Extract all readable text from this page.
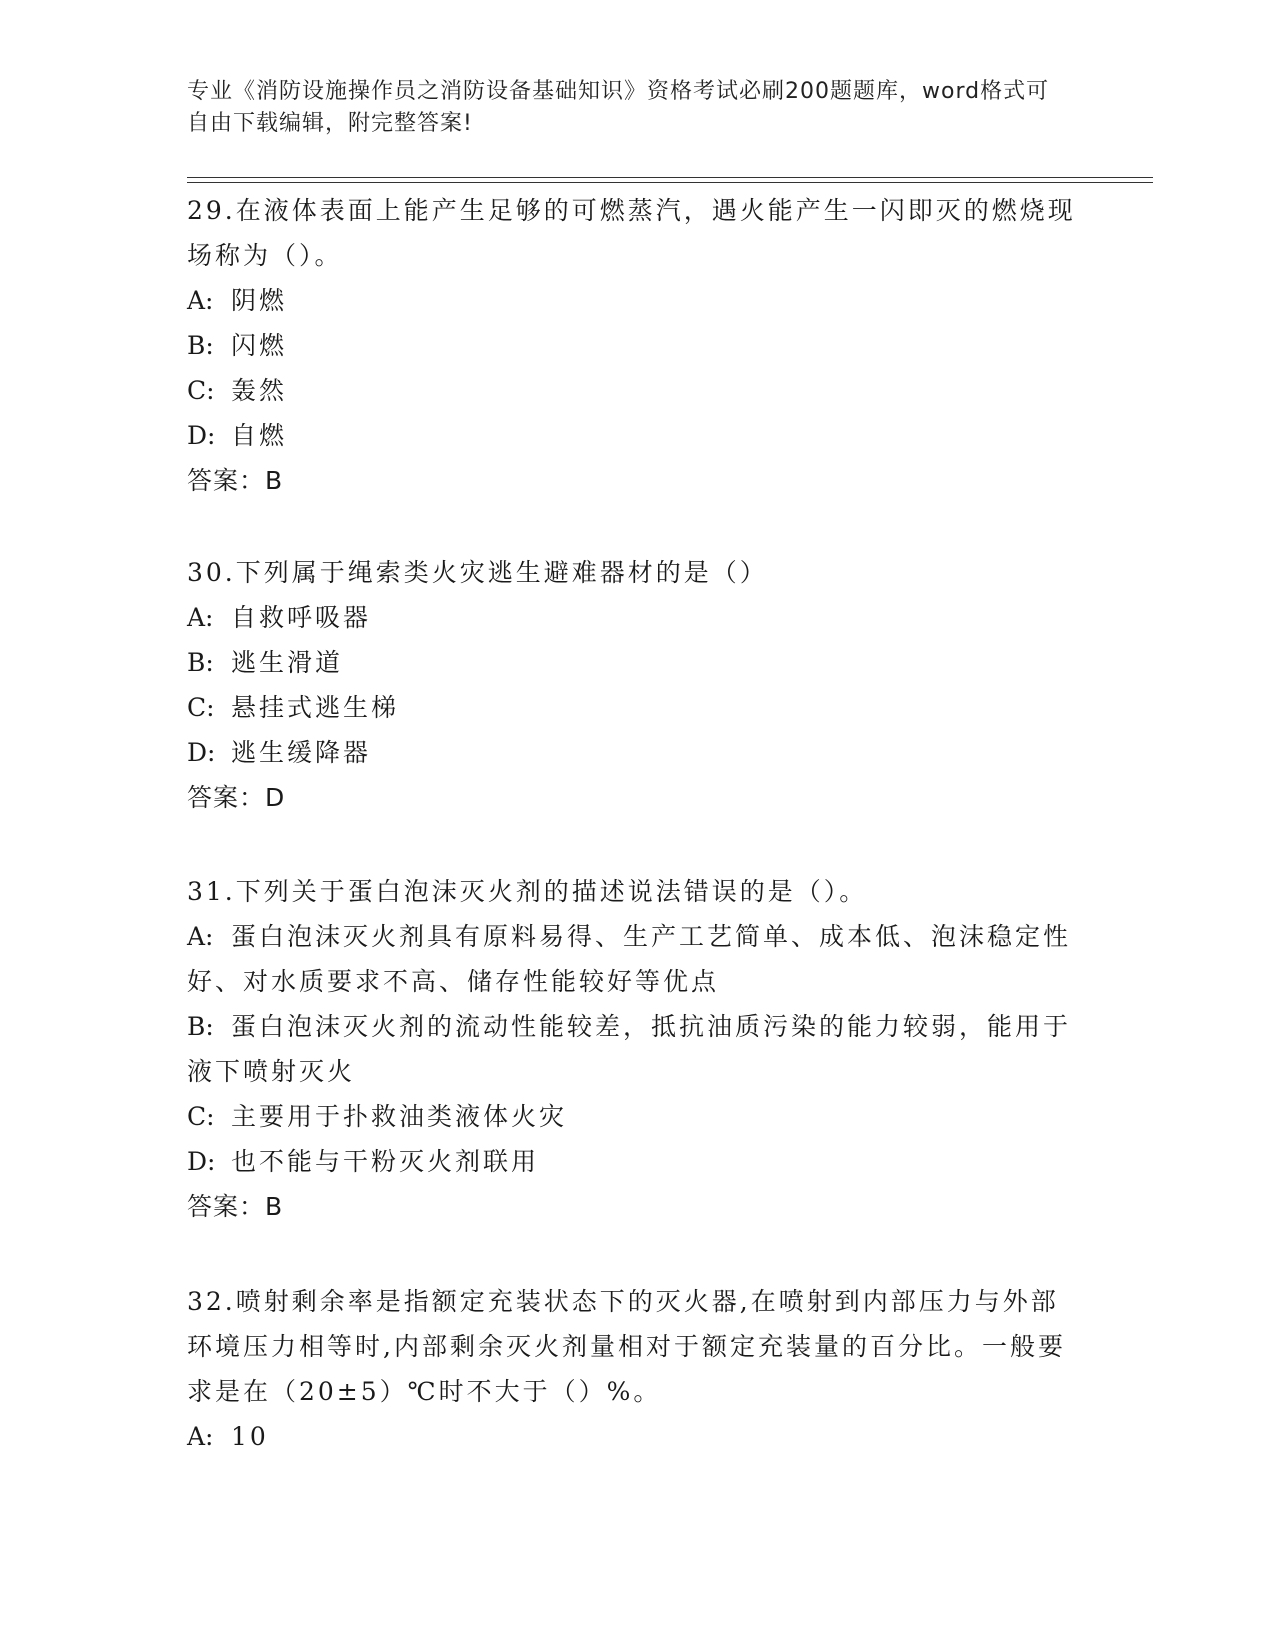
专业《消防设施操作员之消防设备基础知识》资格考试必刷200题题库，word格式可自由下载编辑，附完整答案!
29.在液体表面上能产生足够的可燃蒸汽，遇火能产生一闪即灭的燃烧现场称为（）。
A: 阴燃
B: 闪燃
C: 轰然
D: 自燃
答案：B
30.下列属于绳索类火灾逃生避难器材的是（）
A: 自救呼吸器
B: 逃生滑道
C: 悬挂式逃生梯
D: 逃生缓降器
答案：D
31.下列关于蛋白泡沫灭火剂的描述说法错误的是（）。
A: 蛋白泡沫灭火剂具有原料易得、生产工艺简单、成本低、泡沫稳定性好、对水质要求不高、储存性能较好等优点
B: 蛋白泡沫灭火剂的流动性能较差，抵抗油质污染的能力较弱，能用于液下喷射灭火
C: 主要用于扑救油类液体火灾
D: 也不能与干粉灭火剂联用
答案：B
32.喷射剩余率是指额定充装状态下的灭火器,在喷射到内部压力与外部环境压力相等时,内部剩余灭火剂量相对于额定充装量的百分比。一般要求是在（20±5）℃时不大于（）%。
A: 10
